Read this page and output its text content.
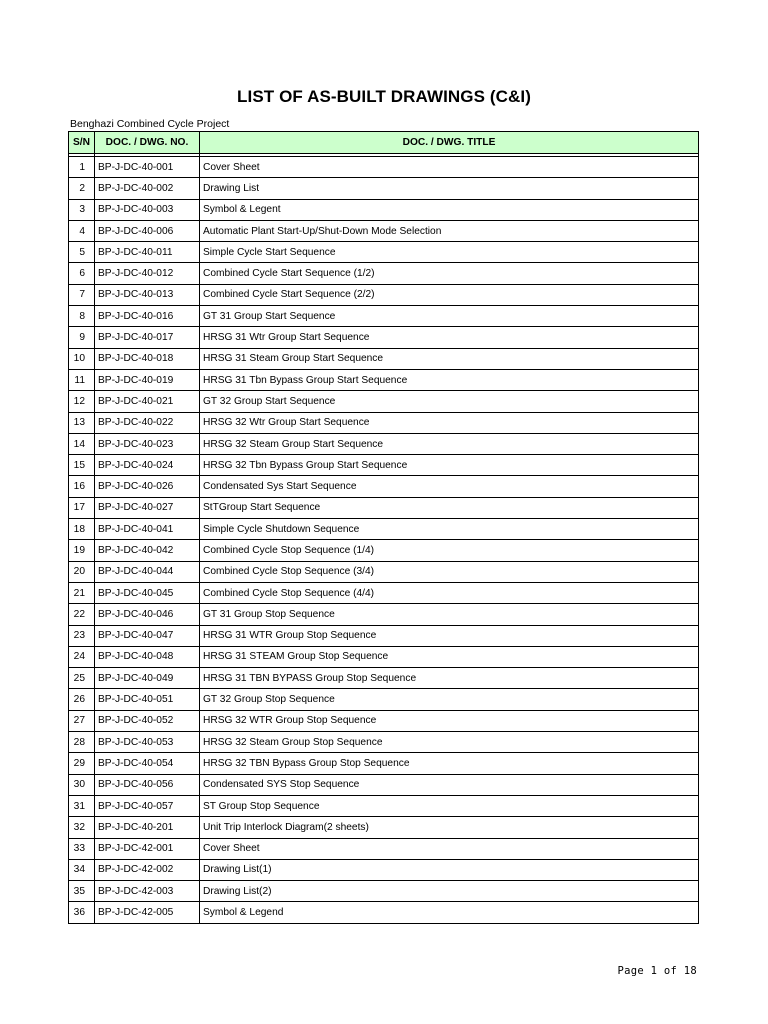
LIST OF AS-BUILT DRAWINGS (C&I)
Benghazi Combined Cycle Project
S/N	DOC. / DWG. NO.	DOC. / DWG. TITLE

1	BP-J-DC-40-001	Cover Sheet
2	BP-J-DC-40-002	Drawing List
3	BP-J-DC-40-003	Symbol & Legent
4	BP-J-DC-40-006	Automatic Plant Start-Up/Shut-Down Mode Selection
5	BP-J-DC-40-011	Simple Cycle Start Sequence
6	BP-J-DC-40-012	Combined Cycle Start Sequence (1/2)
7	BP-J-DC-40-013	Combined Cycle Start Sequence (2/2)
8	BP-J-DC-40-016	GT 31 Group Start Sequence
9	BP-J-DC-40-017	HRSG 31 Wtr Group Start Sequence
10	BP-J-DC-40-018	HRSG 31 Steam Group Start Sequence
11	BP-J-DC-40-019	HRSG 31 Tbn Bypass Group Start Sequence
12	BP-J-DC-40-021	GT 32 Group Start Sequence
13	BP-J-DC-40-022	HRSG 32 Wtr Group Start Sequence
14	BP-J-DC-40-023	HRSG 32 Steam Group Start Sequence
15	BP-J-DC-40-024	HRSG 32 Tbn Bypass Group Start Sequence
16	BP-J-DC-40-026	Condensated Sys Start Sequence
17	BP-J-DC-40-027	StTGroup Start Sequence
18	BP-J-DC-40-041	Simple Cycle Shutdown Sequence
19	BP-J-DC-40-042	Combined Cycle Stop Sequence (1/4)
20	BP-J-DC-40-044	Combined Cycle Stop Sequence (3/4)
21	BP-J-DC-40-045	Combined Cycle Stop Sequence (4/4)
22	BP-J-DC-40-046	GT 31 Group Stop Sequence
23	BP-J-DC-40-047	HRSG 31 WTR Group Stop Sequence
24	BP-J-DC-40-048	HRSG 31 STEAM Group Stop Sequence
25	BP-J-DC-40-049	HRSG 31 TBN BYPASS Group Stop Sequence
26	BP-J-DC-40-051	GT 32 Group Stop Sequence
27	BP-J-DC-40-052	HRSG 32 WTR Group Stop Sequence
28	BP-J-DC-40-053	HRSG 32 Steam Group Stop Sequence
29	BP-J-DC-40-054	HRSG 32 TBN Bypass Group Stop Sequence
30	BP-J-DC-40-056	Condensated SYS Stop Sequence
31	BP-J-DC-40-057	ST Group Stop Sequence
32	BP-J-DC-40-201	Unit Trip Interlock Diagram(2 sheets)
33	BP-J-DC-42-001	Cover Sheet
34	BP-J-DC-42-002	Drawing List(1)
35	BP-J-DC-42-003	Drawing List(2)
36	BP-J-DC-42-005	Symbol & Legend
Page 1 of 18
